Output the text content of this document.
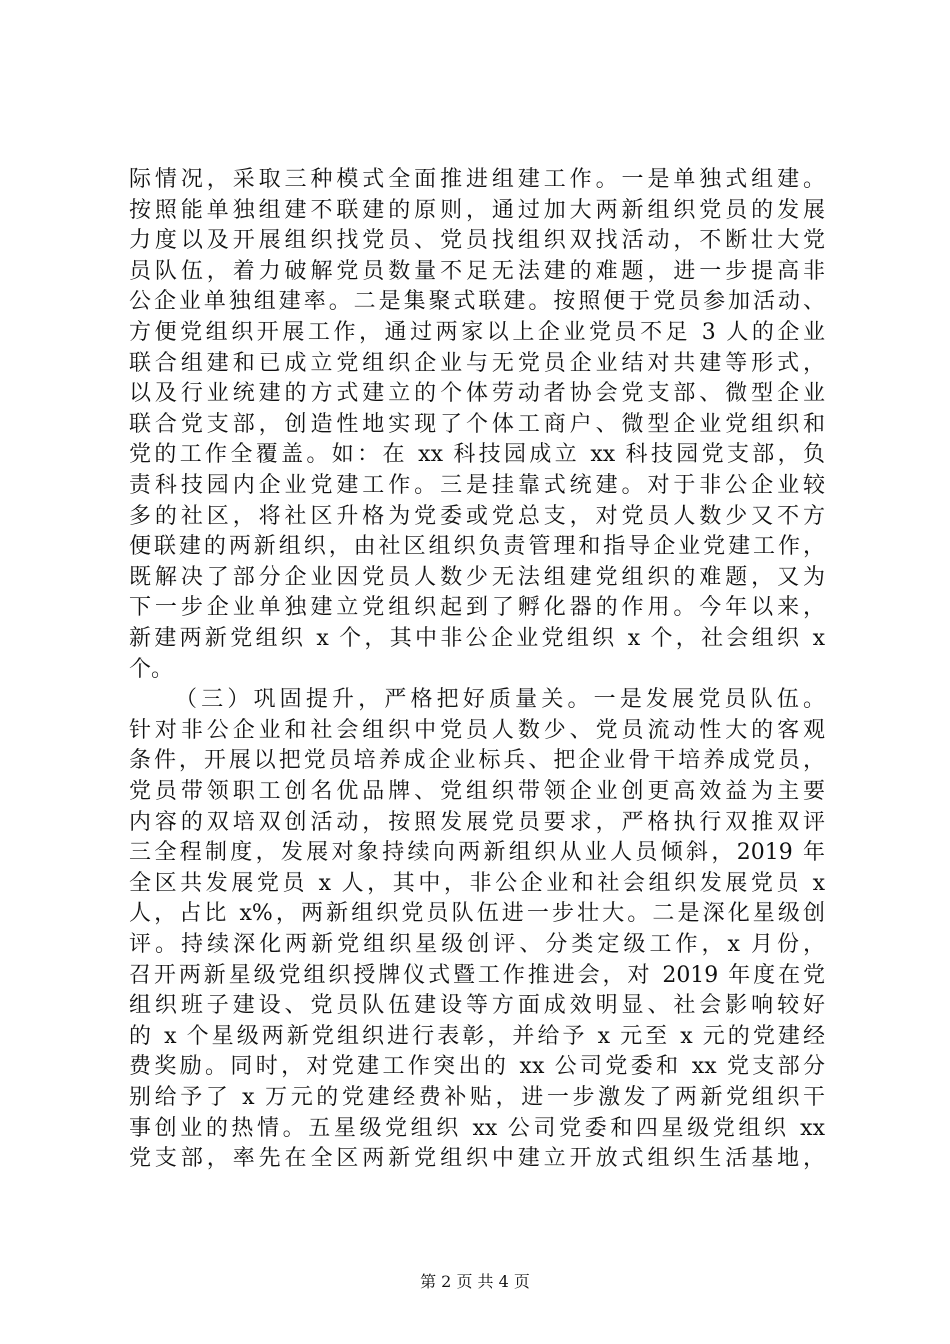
际情况，采取三种模式全面推进组建工作。一是单独式组建。
按照能单独组建不联建的原则，通过加大两新组织党员的发展
力度以及开展组织找党员、党员找组织双找活动，不断壮大党
员队伍，着力破解党员数量不足无法建的难题，进一步提高非
公企业单独组建率。二是集聚式联建。按照便于党员参加活动、
方便党组织开展工作，通过两家以上企业党员不足 3 人的企业
联合组建和已成立党组织企业与无党员企业结对共建等形式，
以及行业统建的方式建立的个体劳动者协会党支部、微型企业
联合党支部，创造性地实现了个体工商户、微型企业党组织和
党的工作全覆盖。如：在 xx 科技园成立 xx 科技园党支部，负
责科技园内企业党建工作。三是挂靠式统建。对于非公企业较
多的社区，将社区升格为党委或党总支，对党员人数少又不方
便联建的两新组织，由社区组织负责管理和指导企业党建工作，
既解决了部分企业因党员人数少无法组建党组织的难题，又为
下一步企业单独建立党组织起到了孵化器的作用。今年以来，
新建两新党组织 x 个，其中非公企业党组织 x 个，社会组织 x
个。
（三）巩固提升，严格把好质量关。一是发展党员队伍。
针对非公企业和社会组织中党员人数少、党员流动性大的客观
条件，开展以把党员培养成企业标兵、把企业骨干培养成党员，
党员带领职工创名优品牌、党组织带领企业创更高效益为主要
内容的双培双创活动，按照发展党员要求，严格执行双推双评
三全程制度，发展对象持续向两新组织从业人员倾斜，2019 年
全区共发展党员 x 人，其中，非公企业和社会组织发展党员 x
人，占比 x%，两新组织党员队伍进一步壮大。二是深化星级创
评。持续深化两新党组织星级创评、分类定级工作，x 月份，
召开两新星级党组织授牌仪式暨工作推进会，对 2019 年度在党
组织班子建设、党员队伍建设等方面成效明显、社会影响较好
的 x 个星级两新党组织进行表彰，并给予 x 元至 x 元的党建经
费奖励。同时，对党建工作突出的 xx 公司党委和 xx 党支部分
别给予了 x 万元的党建经费补贴，进一步激发了两新党组织干
事创业的热情。五星级党组织 xx 公司党委和四星级党组织 xx
党支部，率先在全区两新党组织中建立开放式组织生活基地，
第 2 页 共 4 页
